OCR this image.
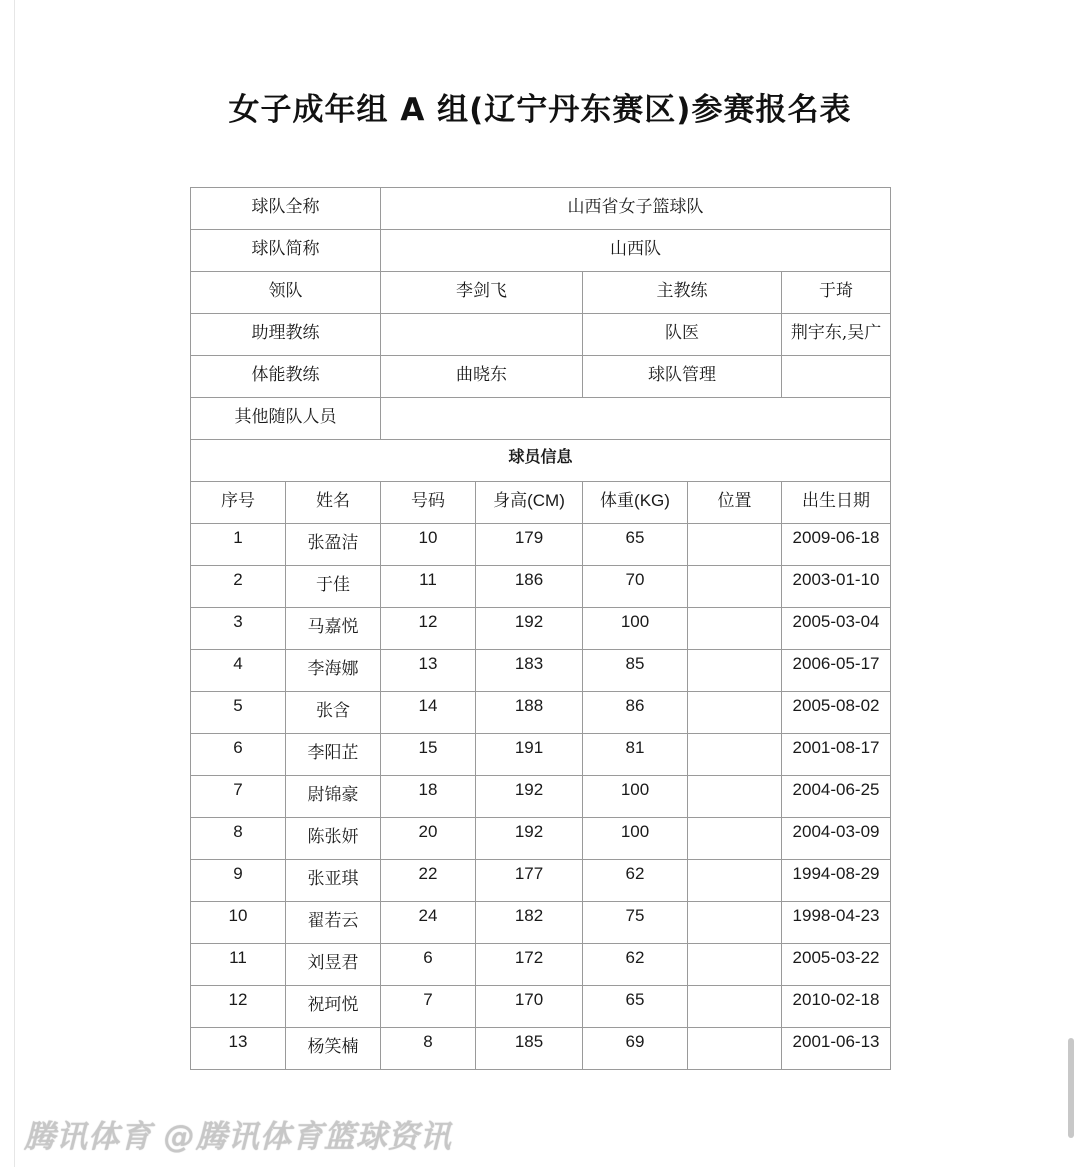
女子成年组 A 组(辽宁丹东赛区)参赛报名表
球队全称		山西省女子篮球队				
球队简称		山西队				
领队		李剑飞		主教练		于琦
助理教练				队医		荆宇东,吴广
体能教练		曲晓东		球队管理		
其他随队人员						
球员信息						
序号	姓名	号码	身高(CM)	体重(KG)	位置	出生日期
1	张盈洁	10	179	65		2009-06-18
2	于佳	11	186	70		2003-01-10
3	马嘉悦	12	192	100		2005-03-04
4	李海娜	13	183	85		2006-05-17
5	张含	14	188	86		2005-08-02
6	李阳芷	15	191	81		2001-08-17
7	尉锦豪	18	192	100		2004-06-25
8	陈张妍	20	192	100		2004-03-09
9	张亚琪	22	177	62		1994-08-29
10	翟若云	24	182	75		1998-04-23
11	刘昱君	6	172	62		2005-03-22
12	祝珂悦	7	170	65		2010-02-18
13	杨笑楠	8	185	69		2001-06-13
腾讯体育 @腾讯体育篮球资讯
